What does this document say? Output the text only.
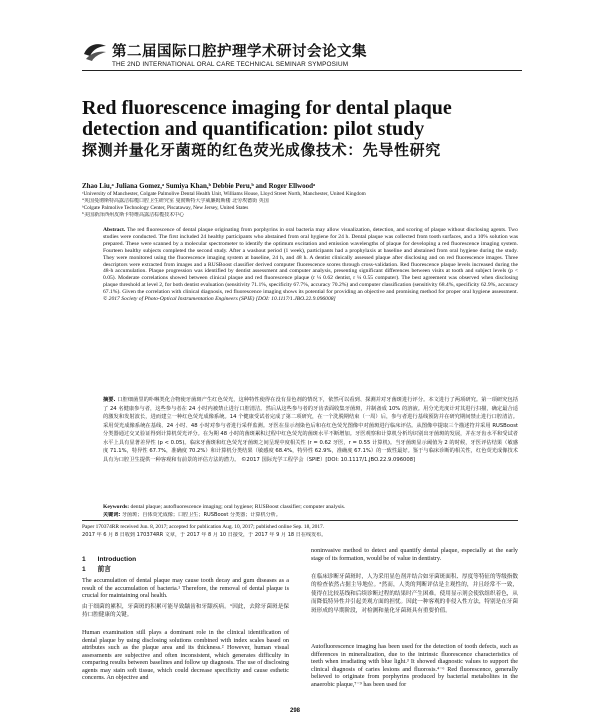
第二届国际口腔护理学术研讨会论文集
THE 2ND INTERNATIONAL ORAL CARE TECHNICAL SEMINAR SYMPOSIUM
Red fluorescence imaging for dental plaque detection and quantification: pilot study
探测并量化牙菌斑的红色荧光成像技术：先导性研究
Zhao Liu,ᵃ Juliana Gomez,ᵃ Sumiya Khan,ᵇ Debbie Peru,ᵇ and Roger Ellwoodᵃ
ᵃUniversity of Manchester, Colgate Palmolive Dental Health Unit, Williams House, Lloyd Street North, Manchester, United Kingdom
ᵃ英国曼彻斯特高露洁棕榄口腔卫生研究室 曼彻斯特大学威廉姆斯楼 北劳埃德街 英国
ᵇColgate Palmolive Technology Center, Piscataway, New Jersey, United States
ᵇ美国新泽西州皮斯卡特维高露洁棕榄技术中心
Abstract. The red fluorescence of dental plaque originating from porphyrins in oral bacteria may allow visualization, detection, and scoring of plaque without disclosing agents. Two studies were conducted. The first included 24 healthy participants who abstained from oral hygiene for 24 h. Dental plaque was collected from tooth surfaces, and a 10% solution was prepared. These were scanned by a molecular spectrometer to identify the optimum excitation and emission wavelengths of plaque for developing a red fluorescence imaging system. Fourteen healthy subjects completed the second study. After a washout period (1 week), participants had a prophylaxis at baseline and abstained from oral hygiene during the study. They were monitored using the fluorescence imaging system at baseline, 24 h, and 48 h. A dentist clinically assessed plaque after disclosing and on red fluorescence images. Three descriptors were extracted from images and a RUSBoost classifier derived computer fluorescence scores through cross-validation. Red fluorescence plaque levels increased during the 48-h accumulation. Plaque progression was identified by dentist assessment and computer analysis, presenting significant differences between visits at tooth and subject levels (p < 0.05). Moderate correlations showed between clinical plaque and red fluorescence plaque (r ¼ 0.62 dentist, r ¼ 0.55 computer). The best agreement was observed when disclosing plaque threshold at level 2, for both dentist evaluation (sensitivity 71.1%, specificity 67.7%, accuracy 70.2%) and computer classification (sensitivity 68.4%, specificity 62.9%, accuracy 67.1%). Given the correlation with clinical diagnosis, red fluorescence imaging shows its potential for providing an objective and promising method for proper oral hygiene assessment. © 2017 Society of Photo-Optical Instrumentation Engineers (SPIE) [DOI: 10.1117/1.JBO.22.9.096008]
摘要. 口腔细菌里的卟啉类化合物使牙菌斑产生红色荧光，这种特性使得在没有显色剂的情况下，依然可以看到、探测并对牙菌斑进行评分。本文进行了两项研究。第一项研究包括了 24 名健康参与者，这些参与者在 24 小时内被禁止进行口腔清洁。然后从这些参与者的牙齿表面收集牙菌斑，并制备成 10% 的溶液。用分光光度计对其进行扫描，确定最合适的激发和发射波长，进而建立一种红色荧光成像系统。14 个健康受试者完成了第二项研究，在一个洗脱期结束（一周）后，参与者进行基线预防并在研究期间禁止进行口腔清洁。采用荧光成像系统在基线、24 小时、48 小时对参与者进行采样监测。牙医在显示剂染色后和在红色荧光图像中对菌斑进行临床评估。从图像中提取三个描述符并采用 RUSBoost 分类器通过交叉验证得到计算机荧光评分。在为期 48 小时的菌斑累积过程中红色荧光的菌斑水平不断增加。牙医观察和计算机分析均识别出牙菌斑的发展，并在牙齿水平和受试者水平上具有显著差异性 (p < 0.05)。临床牙菌斑和红色荧光牙菌斑之间呈现中度相关性 (r = 0.62 牙医，r = 0.55 计算机)。当牙菌斑显示阈值为 2 的时候，牙医评估结果（敏感度 71.1%，特异性 67.7%，准确度 70.2%）和计算机分类结果（敏感度 68.4%，特异性 62.9%，准确度 67.1%）的一致性最好。鉴于与临床诊断的相关性，红色荧光成像技术具有为口腔卫生提供一种客观和有前景的评估方法的潜力。 ©2017 国际光学工程学会（SPIE）[DOI: 10.1117/1.JBO.22.9.096008]
Keywords: dental plaque; autofluorescence imaging; oral hygiene; RUSBoost classifier; computer analysis.
关键词: 牙菌斑；自体荧光成像；口腔卫生；RUSBoost 分类器；计算机分析。
Paper 170374RR received Jun. 8, 2017; accepted for publication Aug. 10, 2017; published online Sep. 18, 2017.
2017 年 6 月 8 日收到 170374RR 文章，于 2017 年 8 月 10 日接受，于 2017 年 9 月 18 日在线发布。
1 Introduction
1 前言
The accumulation of dental plaque may cause tooth decay and gum diseases as a result of the accumulation of bacteria.¹ Therefore, the removal of dental plaque is crucial for maintaining oral health.
由于细菌的累积，牙菌斑的积累可能导致龋齿和牙龈疾病。¹因此，去除牙菌斑是保持口腔健康的关键。
Human examination still plays a dominant role in the clinical identification of dental plaque by using disclosing solutions combined with index scales based on attributes such as the plaque area and its thickness.² However, human visual assessments are subjective and often inconsistent, which generates difficulty in comparing results between baselines and follow up diagnosis. The use of disclosing agents may stain soft tissue, which could decrease specificity and cause esthetic concerns. An objective and
noninvasive method to detect and quantify dental plaque, especially at the early stage of its formation, would be of value in dentistry.
在临床诊断牙菌斑时，人为采用显色剂并结合如牙菌斑面积、厚度等特征的等级指数的检查依然占据主导地位。²然而，人类的判断评估是主观性的，并且经常不一致，使得在比较基线和后续诊断过程的结果时产生困难。使用显示剂会使软组织着色，从而降低特异性并引起美观方面的担忧。因此一种客观的非侵入性方法，特别是在牙菌斑形成的早期阶段，对检测和量化牙菌斑具有重要价值。
Autofluorescence imaging has been used for the detection of tooth defects, such as differences in mineralization, due to the intrinsic fluorescence characteristics of teeth when irradiating with blue light.³ It showed diagnostic values to support the clinical diagnosis of caries lesions and fluorosis.⁴⁻⁶ Red fluorescence, generally believed to originate from porphyrins produced by bacterial metabolites in the anaerobic plaque,⁷⁻⁹ has been used for
298
